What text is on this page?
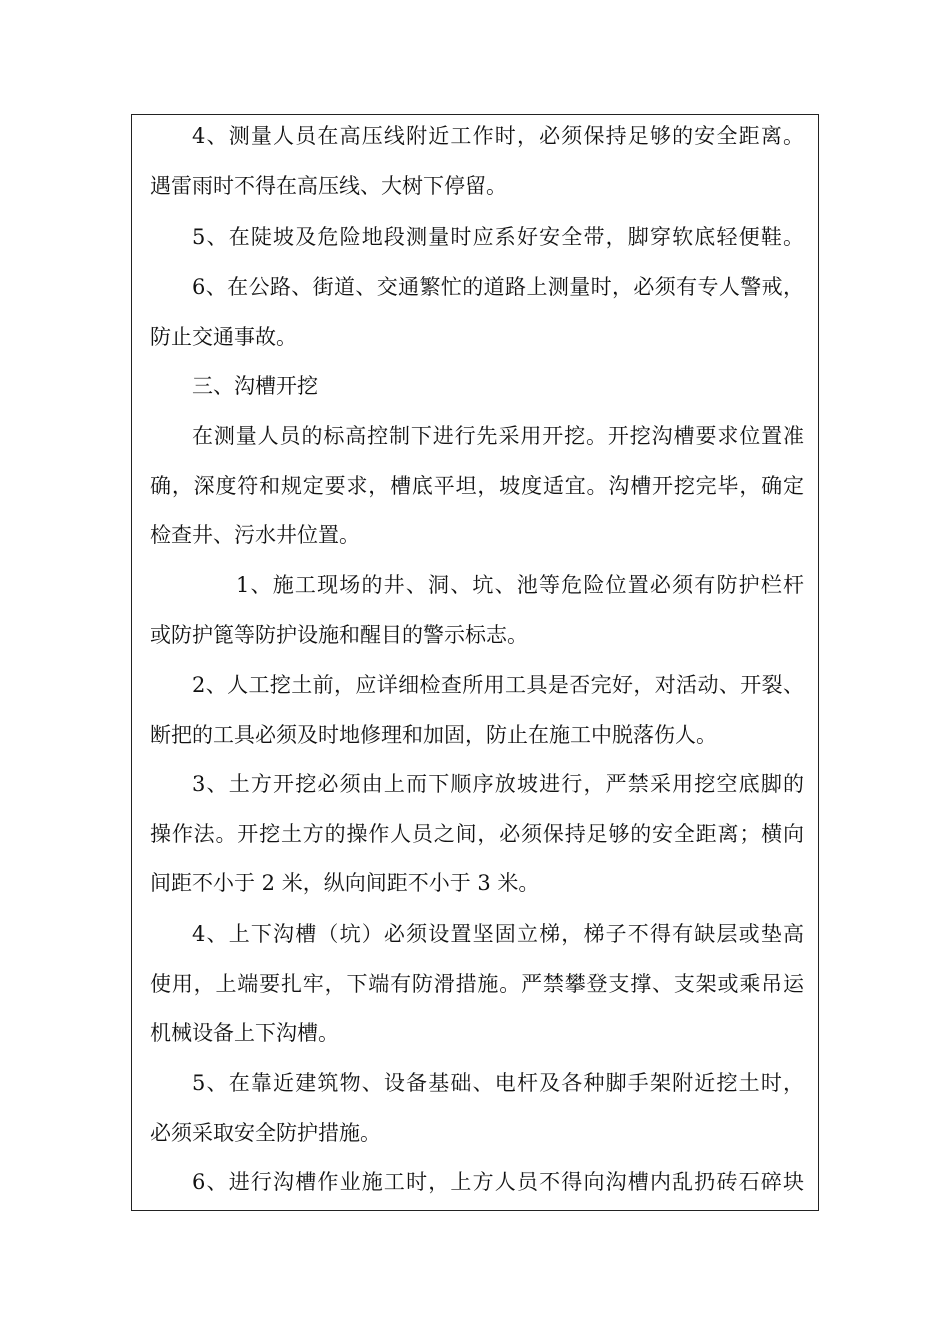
4、测量人员在高压线附近工作时，必须保持足够的安全距离。
遇雷雨时不得在高压线、大树下停留。
5、在陡坡及危险地段测量时应系好安全带，脚穿软底轻便鞋。
6、在公路、街道、交通繁忙的道路上测量时，必须有专人警戒，
防止交通事故。
三、沟槽开挖
在测量人员的标高控制下进行先采用开挖。开挖沟槽要求位置准
确，深度符和规定要求，槽底平坦，坡度适宜。沟槽开挖完毕，确定
检查井、污水井位置。
1、施工现场的井、洞、坑、池等危险位置必须有防护栏杆
或防护篦等防护设施和醒目的警示标志。
2、人工挖土前，应详细检查所用工具是否完好，对活动、开裂、
断把的工具必须及时地修理和加固，防止在施工中脱落伤人。
3、土方开挖必须由上而下顺序放坡进行，严禁采用挖空底脚的
操作法。开挖土方的操作人员之间，必须保持足够的安全距离；横向
间距不小于 2 米，纵向间距不小于 3 米。
4、上下沟槽（坑）必须设置坚固立梯，梯子不得有缺层或垫高
使用，上端要扎牢，下端有防滑措施。严禁攀登支撑、支架或乘吊运
机械设备上下沟槽。
5、在靠近建筑物、设备基础、电杆及各种脚手架附近挖土时，
必须采取安全防护措施。
6、进行沟槽作业施工时，上方人员不得向沟槽内乱扔砖石碎块
